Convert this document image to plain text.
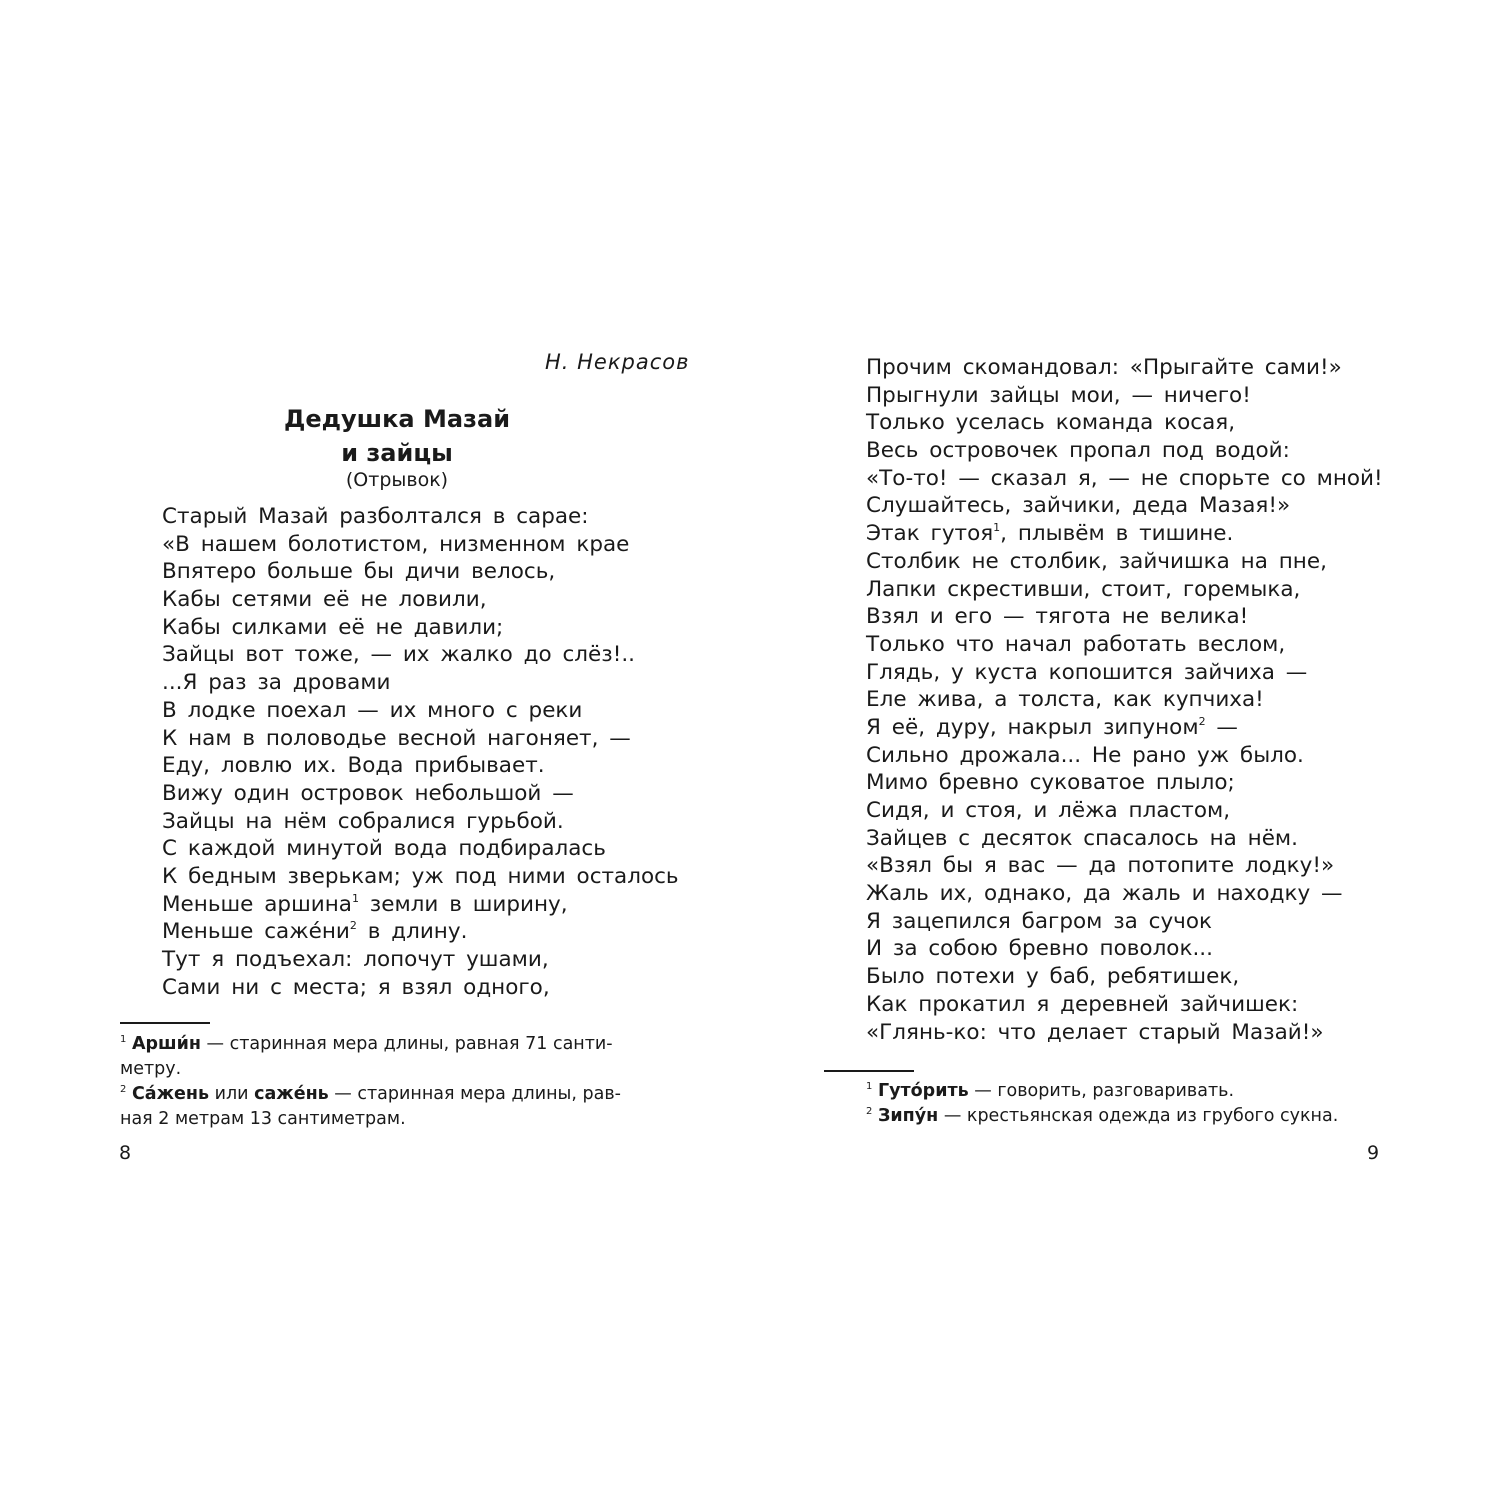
Н. Некрасов
Дедушка Мазай
и зайцы
(Отрывок)
Старый Мазай разболтался в сарае:
«В нашем болотистом, низменном крае
Впятеро больше бы дичи велось,
Кабы сетями её не ловили,
Кабы силками её не давили;
Зайцы вот тоже, — их жалко до слёз!..
...Я раз за дровами
В лодке поехал — их много с реки
К нам в половодье весной нагоняет, —
Еду, ловлю их. Вода прибывает.
Вижу один островок небольшой —
Зайцы на нём собралися гурьбой.
С каждой минутой вода подбиралась
К бедным зверькам; уж под ними осталось
Меньше аршина$^1$ земли в ширину,
Меньше $саже́ни^2$ в длину.
Тут я подъехал: лопочут ушами,
Сами ни с места; я взял одного,
$^1$ Арши́н — старинная мера длины, равная 71 санти-
метру.
$^2$ Са́жень или саже́нь — старинная мера длины, рав-
ная 2 метрам 13 сантиметрам.
8
Прочим скомандовал: «Прыгайте сами!»
Прыгнули зайцы мои, — ничего!
Только уселась команда косая,
Весь островочек пропал под водой:
«То-то! — сказал я, — не спорьте со мной!
Слушайтесь, зайчики, деда Мазая!»
Этак гутоя$^1$, плывём в тишине.
Столбик не столбик, зайчишка на пне,
Лапки скрестивши, стоит, горемыка,
Взял и его — тягота не велика!
Только что начал работать веслом,
Глядь, у куста копошится зайчиха —
Еле жива, а толста, как купчиха!
Я её, дуру, накрыл зипуном$^2$ —
Сильно дрожала... Не рано уж было.
Мимо бревно суковатое плыло;
Сидя, и стоя, и лёжа пластом,
Зайцев с десяток спасалось на нём.
«Взял бы я вас — да потопите лодку!»
Жаль их, однако, да жаль и находку —
Я зацепился багром за сучок
И за собою бревно поволок...
Было потехи у баб, ребятишек,
Как прокатил я деревней зайчишек:
«Глянь-ко: что делает старый Мазай!»
$^1$ Гуто́рить — говорить, разговаривать.
$^2$ Зипу́н — крестьянская одежда из грубого сукна.
9
